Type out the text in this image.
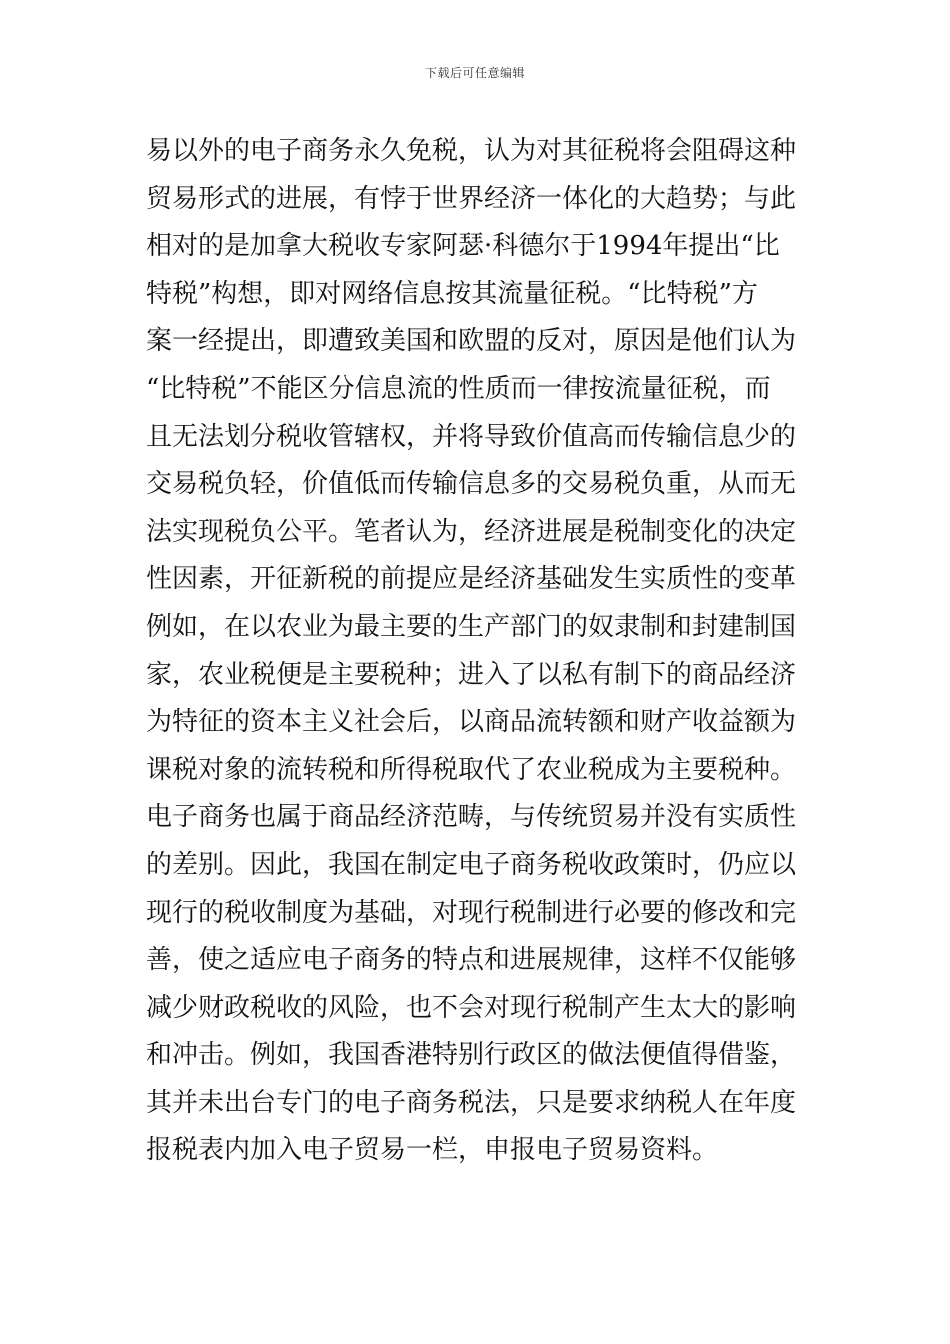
下载后可任意编辑
易以外的电子商务永久免税，认为对其征税将会阻碍这种
贸易形式的进展，有悖于世界经济一体化的大趋势；与此
相对的是加拿大税收专家阿瑟·科德尔于1994年提出“比
特税”构想，即对网络信息按其流量征税。“比特税”方
案一经提出，即遭致美国和欧盟的反对，原因是他们认为
“比特税”不能区分信息流的性质而一律按流量征税，而
且无法划分税收管辖权，并将导致价值高而传输信息少的
交易税负轻，价值低而传输信息多的交易税负重，从而无
法实现税负公平。笔者认为，经济进展是税制变化的决定
性因素，开征新税的前提应是经济基础发生实质性的变革
例如，在以农业为最主要的生产部门的奴隶制和封建制国
家，农业税便是主要税种；进入了以私有制下的商品经济
为特征的资本主义社会后，以商品流转额和财产收益额为
课税对象的流转税和所得税取代了农业税成为主要税种。
电子商务也属于商品经济范畴，与传统贸易并没有实质性
的差别。因此，我国在制定电子商务税收政策时，仍应以
现行的税收制度为基础，对现行税制进行必要的修改和完
善，使之适应电子商务的特点和进展规律，这样不仅能够
减少财政税收的风险，也不会对现行税制产生太大的影响
和冲击。例如，我国香港特别行政区的做法便值得借鉴，
其并未出台专门的电子商务税法，只是要求纳税人在年度
报税表内加入电子贸易一栏，申报电子贸易资料。
